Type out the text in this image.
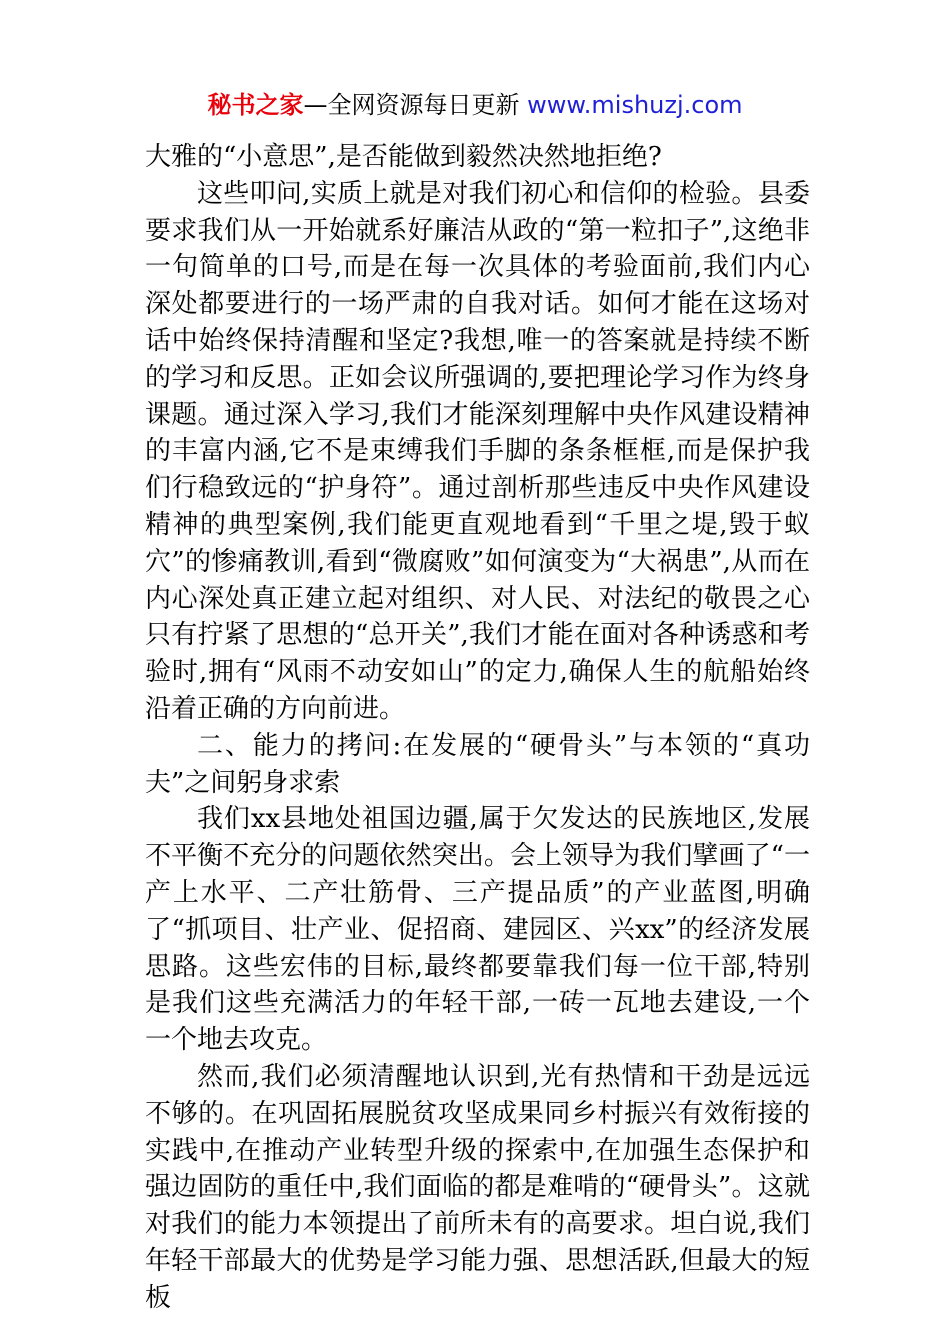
秘书之家—全网资源每日更新 www.mishuzj.com

大雅的“小意思”,是否能做到毅然决然地拒绝?

这些叩问,实质上就是对我们初心和信仰的检验。县委要求我们从一开始就系好廉洁从政的“第一粒扣子”,这绝非一句简单的口号,而是在每一次具体的考验面前,我们内心深处都要进行的一场严肃的自我对话。如何才能在这场对话中始终保持清醒和坚定?我想,唯一的答案就是持续不断的学习和反思。正如会议所强调的,要把理论学习作为终身课题。通过深入学习,我们才能深刻理解中央作风建设精神的丰富内涵,它不是束缚我们手脚的条条框框,而是保护我们行稳致远的“护身符”。通过剖析那些违反中央作风建设精神的典型案例,我们能更直观地看到“千里之堤,毁于蚁穴”的惨痛教训,看到“微腐败”如何演变为“大祸患”,从而在内心深处真正建立起对组织、对人民、对法纪的敬畏之心只有拧紧了思想的“总开关”,我们才能在面对各种诱惑和考验时,拥有“风雨不动安如山”的定力,确保人生的航船始终沿着正确的方向前进。

二、能力的拷问:在发展的“硬骨头”与本领的“真功夫”之间躬身求索

我们xx县地处祖国边疆,属于欠发达的民族地区,发展不平衡不充分的问题依然突出。会上领导为我们擘画了“一产上水平、二产壮筋骨、三产提品质”的产业蓝图,明确了“抓项目、壮产业、促招商、建园区、兴xx”的经济发展思路。这些宏伟的目标,最终都要靠我们每一位干部,特别是我们这些充满活力的年轻干部,一砖一瓦地去建设,一个一个地去攻克。

然而,我们必须清醒地认识到,光有热情和干劲是远远不够的。在巩固拓展脱贫攻坚成果同乡村振兴有效衔接的实践中,在推动产业转型升级的探索中,在加强生态保护和强边固防的重任中,我们面临的都是难啃的“硬骨头”。这就对我们的能力本领提出了前所未有的高要求。坦白说,我们年轻干部最大的优势是学习能力强、思想活跃,但最大的短板
